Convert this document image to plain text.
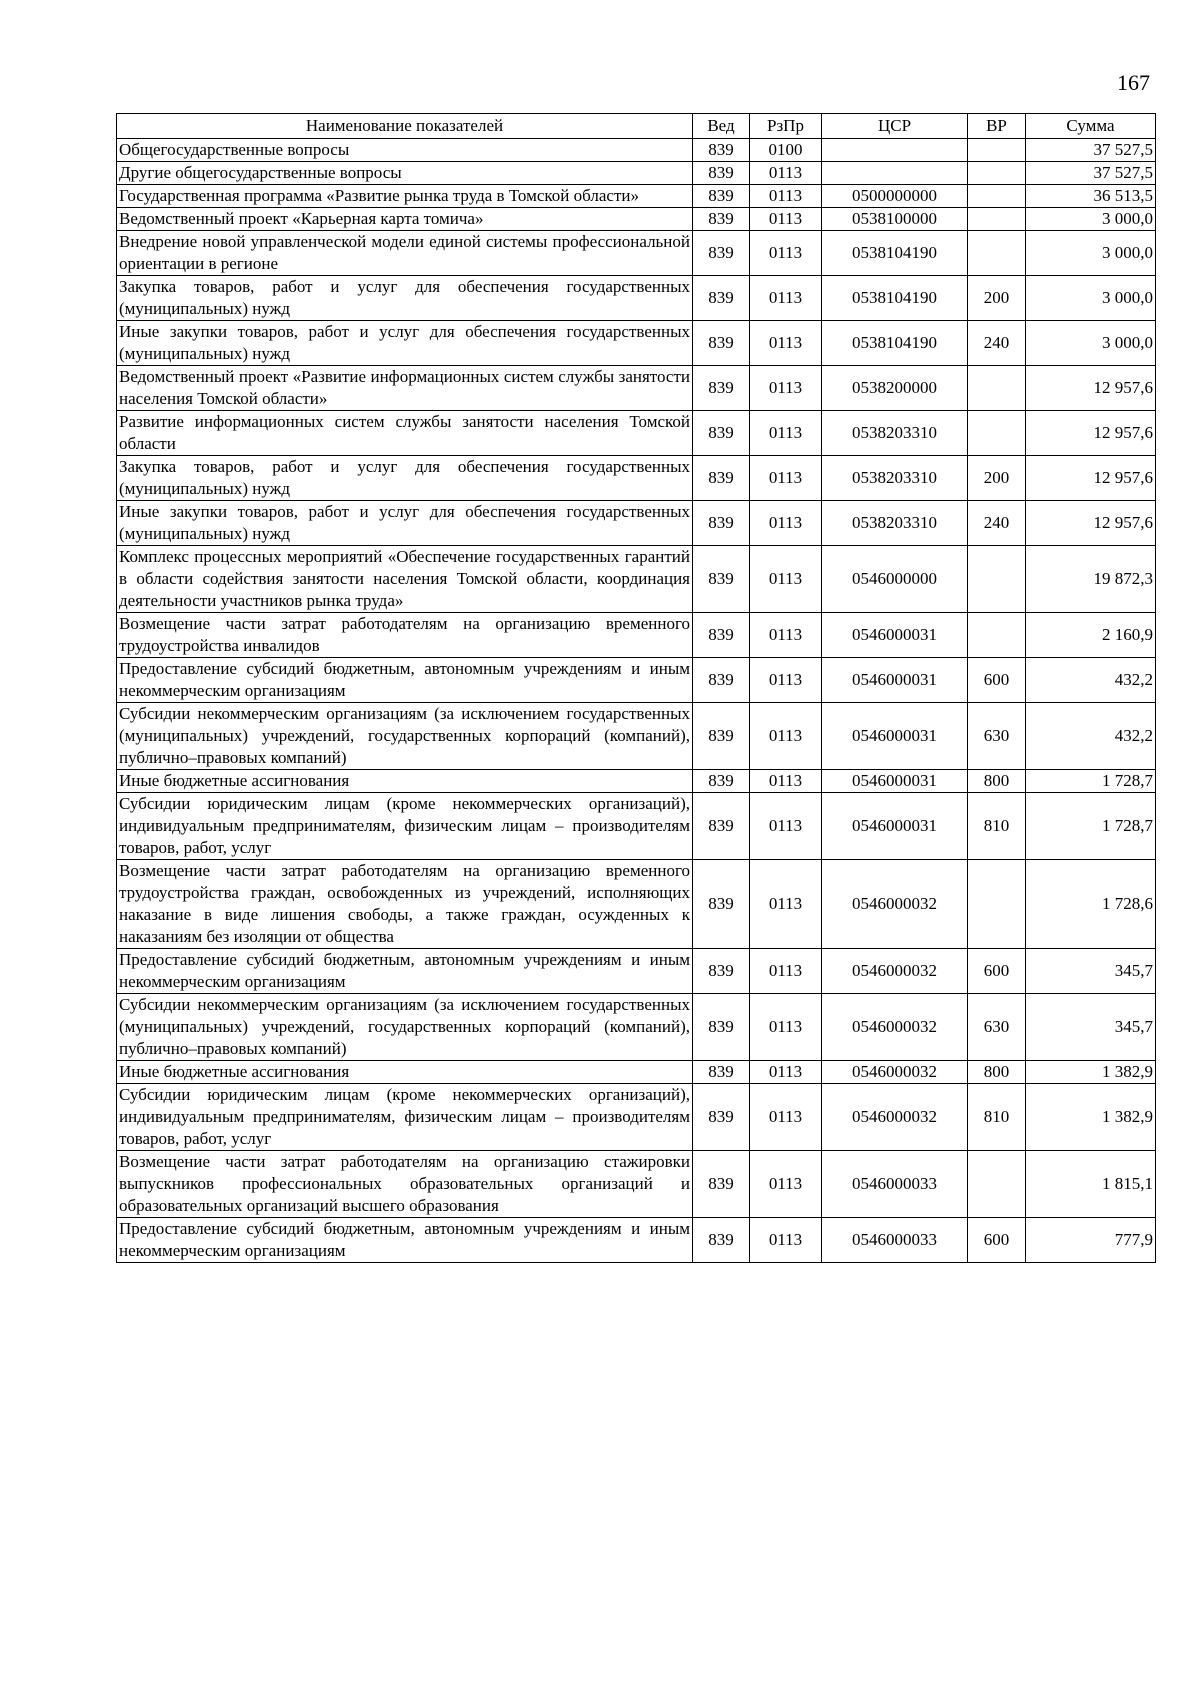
167
Наименование показателей	Вед	РзПр	ЦСР	ВР	Сумма
Общегосударственные вопросы	839	0100			37 527,5
Другие общегосударственные вопросы	839	0113			37 527,5
Государственная программа «Развитие рынка труда в Томской области»	839	0113	0500000000		36 513,5
Ведомственный проект «Карьерная карта томича»	839	0113	0538100000		3 000,0
Внедрение новой управленческой модели единой системы профессиональной ориентации в регионе	839	0113	0538104190		3 000,0
Закупка товаров, работ и услуг для обеспечения государственных (муниципальных) нужд	839	0113	0538104190	200	3 000,0
Иные закупки товаров, работ и услуг для обеспечения государственных (муниципальных) нужд	839	0113	0538104190	240	3 000,0
Ведомственный проект «Развитие информационных систем службы занятости населения Томской области»	839	0113	0538200000		12 957,6
Развитие информационных систем службы занятости населения Томской области	839	0113	0538203310		12 957,6
Закупка товаров, работ и услуг для обеспечения государственных (муниципальных) нужд	839	0113	0538203310	200	12 957,6
Иные закупки товаров, работ и услуг для обеспечения государственных (муниципальных) нужд	839	0113	0538203310	240	12 957,6
Комплекс процессных мероприятий «Обеспечение государственных гарантий в области содействия занятости населения Томской области, координация деятельности участников рынка труда»	839	0113	0546000000		19 872,3
Возмещение части затрат работодателям на организацию временного трудоустройства инвалидов	839	0113	0546000031		2 160,9
Предоставление субсидий бюджетным, автономным учреждениям и иным некоммерческим организациям	839	0113	0546000031	600	432,2
Субсидии некоммерческим организациям (за исключением государственных (муниципальных) учреждений, государственных корпораций (компаний), публично–правовых компаний)	839	0113	0546000031	630	432,2
Иные бюджетные ассигнования	839	0113	0546000031	800	1 728,7
Субсидии юридическим лицам (кроме некоммерческих организаций), индивидуальным предпринимателям, физическим лицам – производителям товаров, работ, услуг	839	0113	0546000031	810	1 728,7
Возмещение части затрат работодателям на организацию временного трудоустройства граждан, освобожденных из учреждений, исполняющих наказание в виде лишения свободы, а также граждан, осужденных к наказаниям без изоляции от общества	839	0113	0546000032		1 728,6
Предоставление субсидий бюджетным, автономным учреждениям и иным некоммерческим организациям	839	0113	0546000032	600	345,7
Субсидии некоммерческим организациям (за исключением государственных (муниципальных) учреждений, государственных корпораций (компаний), публично–правовых компаний)	839	0113	0546000032	630	345,7
Иные бюджетные ассигнования	839	0113	0546000032	800	1 382,9
Субсидии юридическим лицам (кроме некоммерческих организаций), индивидуальным предпринимателям, физическим лицам – производителям товаров, работ, услуг	839	0113	0546000032	810	1 382,9
Возмещение части затрат работодателям на организацию стажировки выпускников профессиональных образовательных организаций и образовательных организаций высшего образования	839	0113	0546000033		1 815,1
Предоставление субсидий бюджетным, автономным учреждениям и иным некоммерческим организациям	839	0113	0546000033	600	777,9
